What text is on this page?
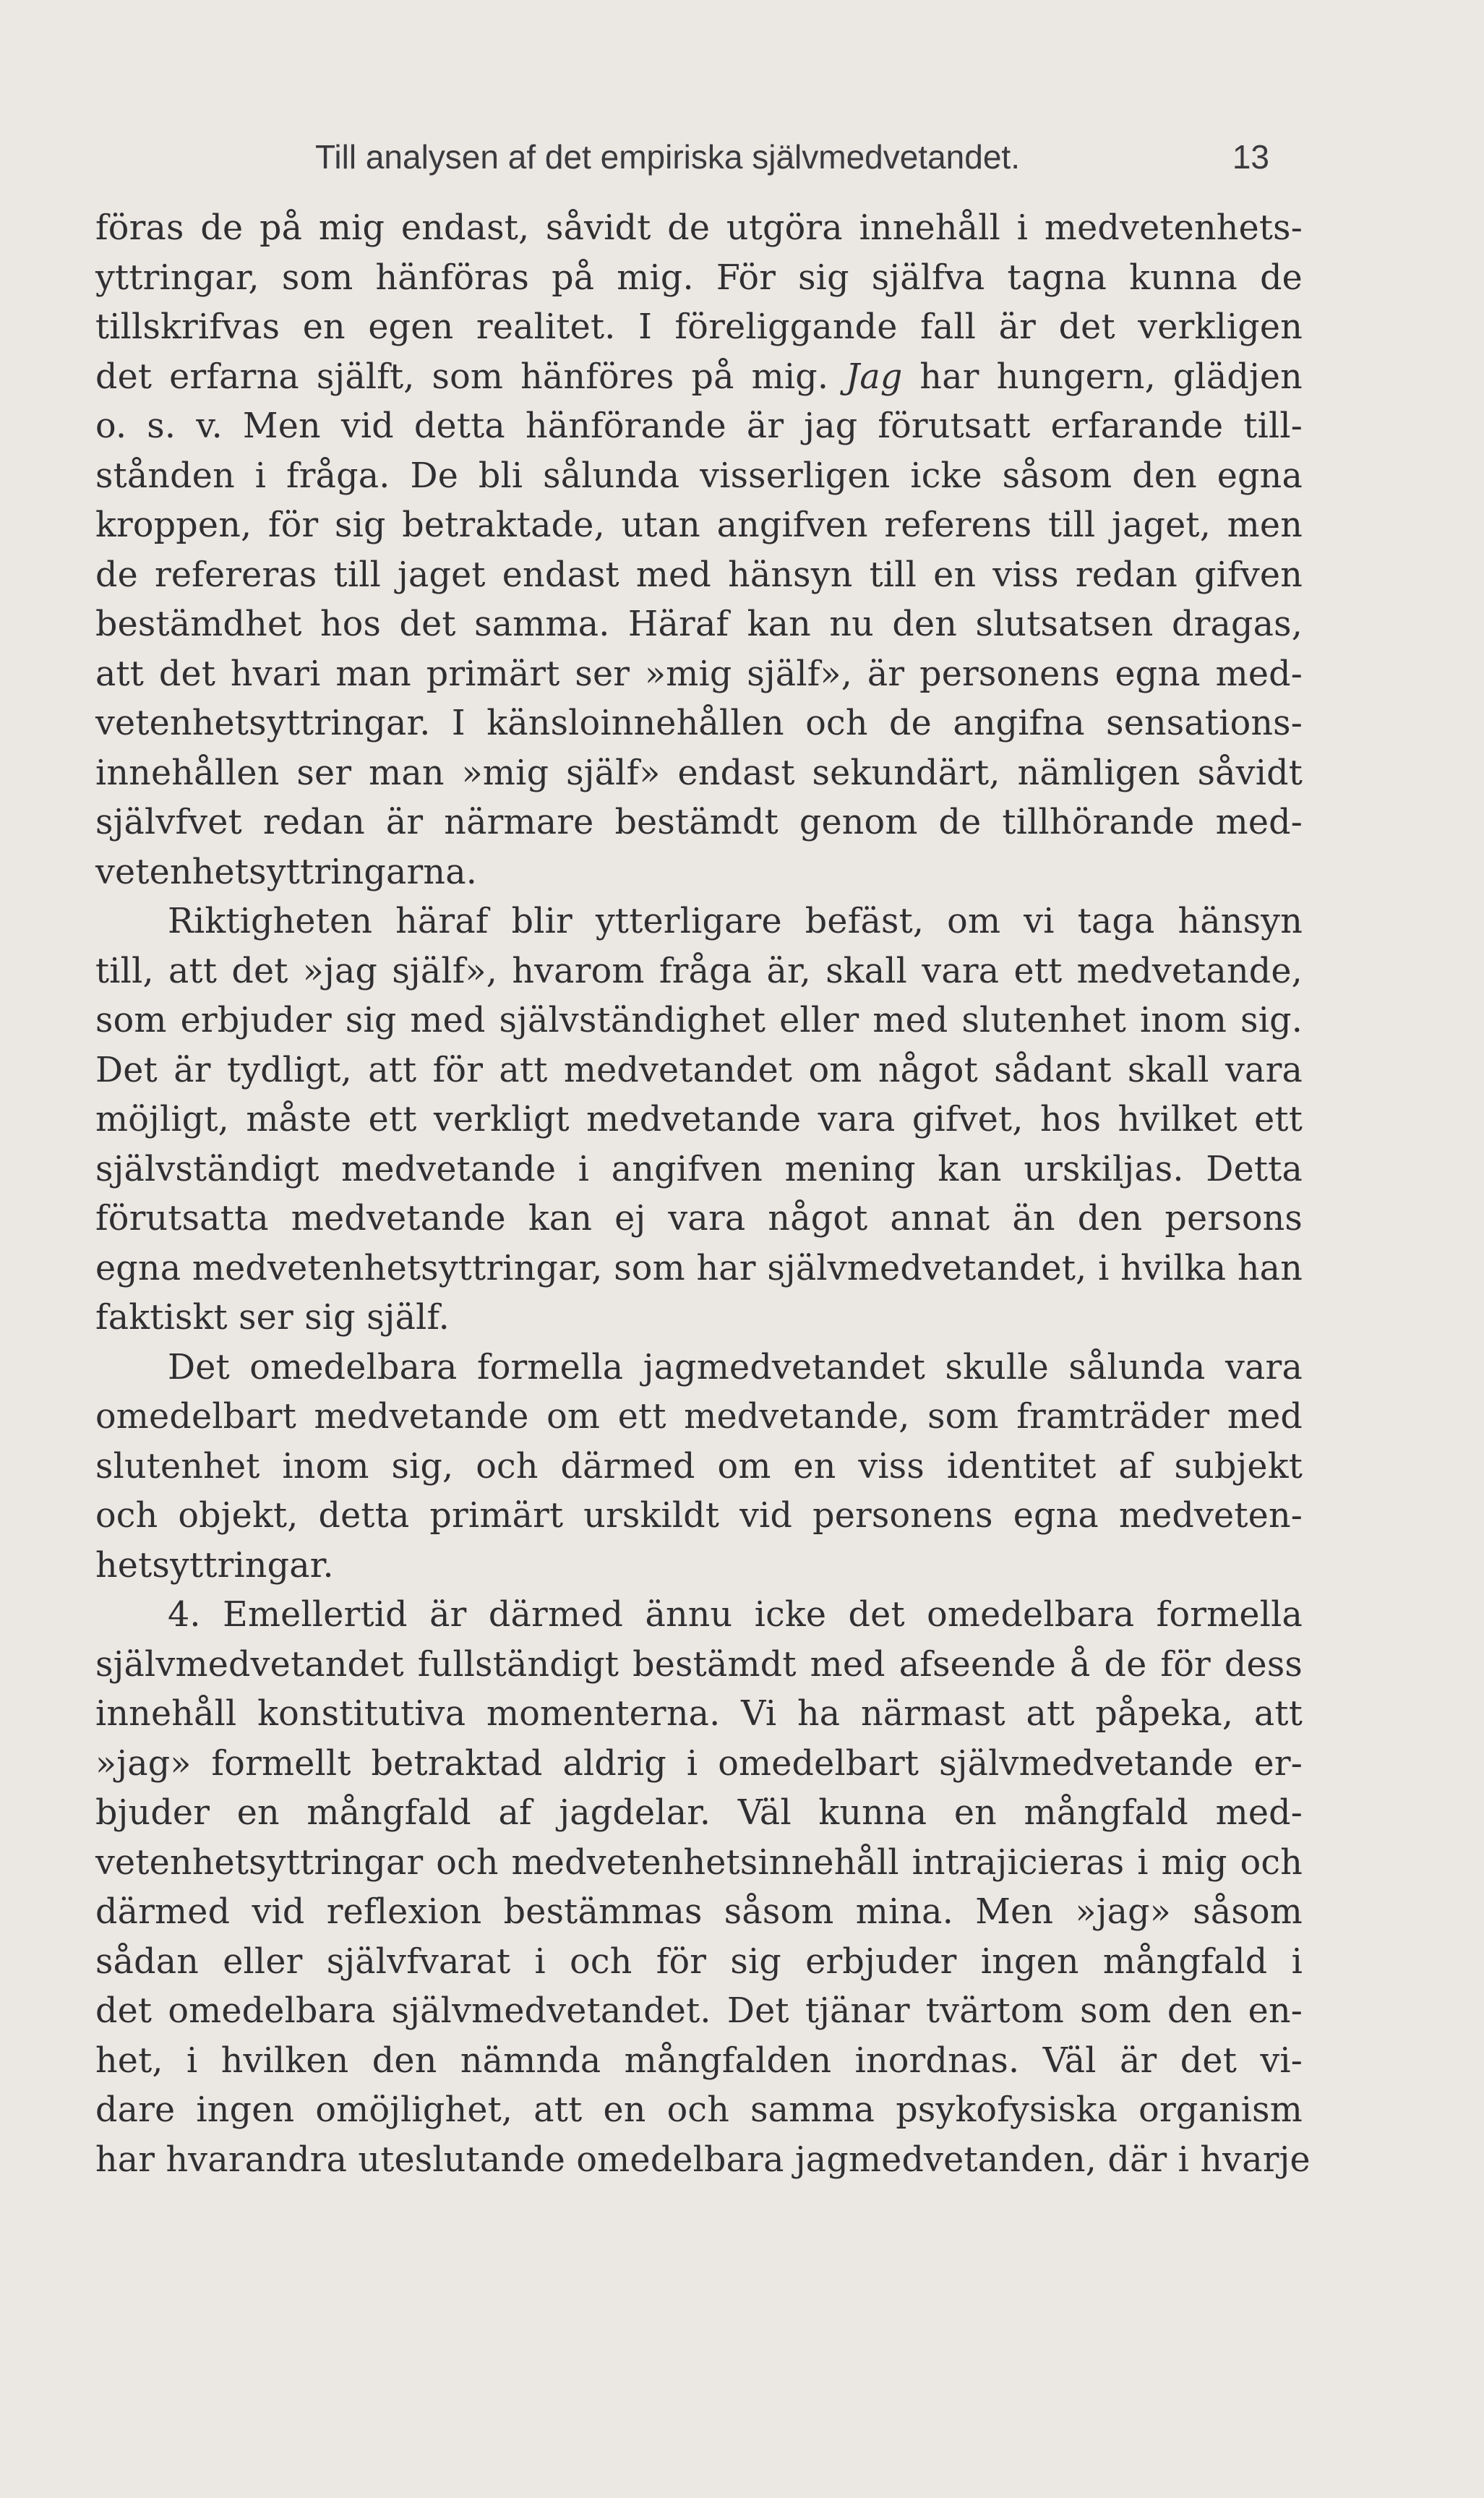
Till analysen af det empiriska självmedvetandet.	13
föras de på mig endast, såvidt de utgöra innehåll i medvetenhets-
yttringar, som hänföras på mig. För sig själfva tagna kunna de
tillskrifvas en egen realitet. I föreliggande fall är det verkligen
det erfarna själft, som hänföres på mig. Jag har hungern, glädjen
o. s. v. Men vid detta hänförande är jag förutsatt erfarande till-
stånden i fråga. De bli sålunda visserligen icke såsom den egna
kroppen, för sig betraktade, utan angifven referens till jaget, men
de refereras till jaget endast med hänsyn till en viss redan gifven
bestämdhet hos det samma. Häraf kan nu den slutsatsen dragas,
att det hvari man primärt ser »mig själf», är personens egna med-
vetenhetsyttringar. I känsloinnehållen och de angifna sensations-
innehållen ser man »mig själf» endast sekundärt, nämligen såvidt
självfvet redan är närmare bestämdt genom de tillhörande med-
vetenhetsyttringarna.
Riktigheten häraf blir ytterligare befäst, om vi taga hänsyn
till, att det »jag själf», hvarom fråga är, skall vara ett medvetande,
som erbjuder sig med självständighet eller med slutenhet inom sig.
Det är tydligt, att för att medvetandet om något sådant skall vara
möjligt, måste ett verkligt medvetande vara gifvet, hos hvilket ett
självständigt medvetande i angifven mening kan urskiljas. Detta
förutsatta medvetande kan ej vara något annat än den persons
egna medvetenhetsyttringar, som har självmedvetandet, i hvilka han
faktiskt ser sig själf.
Det omedelbara formella jagmedvetandet skulle sålunda vara
omedelbart medvetande om ett medvetande, som framträder med
slutenhet inom sig, och därmed om en viss identitet af subjekt
och objekt, detta primärt urskildt vid personens egna medveten-
hetsyttringar.
4. Emellertid är därmed ännu icke det omedelbara formella
självmedvetandet fullständigt bestämdt med afseende å de för dess
innehåll konstitutiva momenterna. Vi ha närmast att påpeka, att
»jag» formellt betraktad aldrig i omedelbart självmedvetande er-
bjuder en mångfald af jagdelar. Väl kunna en mångfald med-
vetenhetsyttringar och medvetenhetsinnehåll intrajicieras i mig och
därmed vid reflexion bestämmas såsom mina. Men »jag» såsom
sådan eller självfvarat i och för sig erbjuder ingen mångfald i
det omedelbara självmedvetandet. Det tjänar tvärtom som den en-
het, i hvilken den nämnda mångfalden inordnas. Väl är det vi-
dare ingen omöjlighet, att en och samma psykofysiska organism
har hvarandra uteslutande omedelbara jagmedvetanden, där i hvarje
